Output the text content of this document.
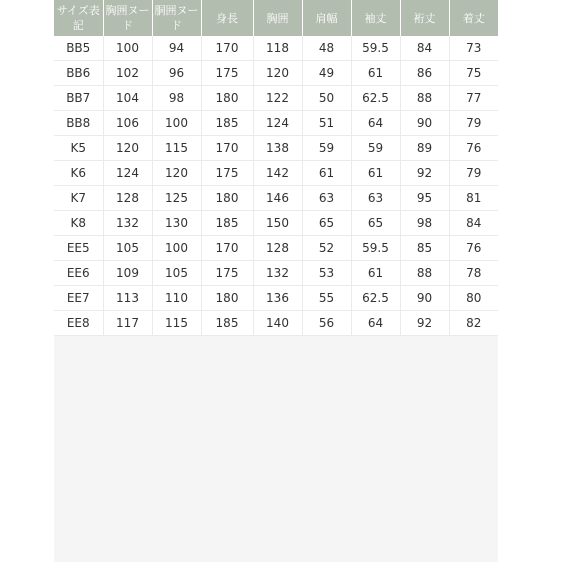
サイズ表記	胸囲ヌード	胴囲ヌード	身長	胸囲	肩幅	袖丈	裄丈	着丈
BB5	100	94	170	118	48	59.5	84	73
BB6	102	96	175	120	49	61	86	75
BB7	104	98	180	122	50	62.5	88	77
BB8	106	100	185	124	51	64	90	79
K5	120	115	170	138	59	59	89	76
K6	124	120	175	142	61	61	92	79
K7	128	125	180	146	63	63	95	81
K8	132	130	185	150	65	65	98	84
EE5	105	100	170	128	52	59.5	85	76
EE6	109	105	175	132	53	61	88	78
EE7	113	110	180	136	55	62.5	90	80
EE8	117	115	185	140	56	64	92	82
